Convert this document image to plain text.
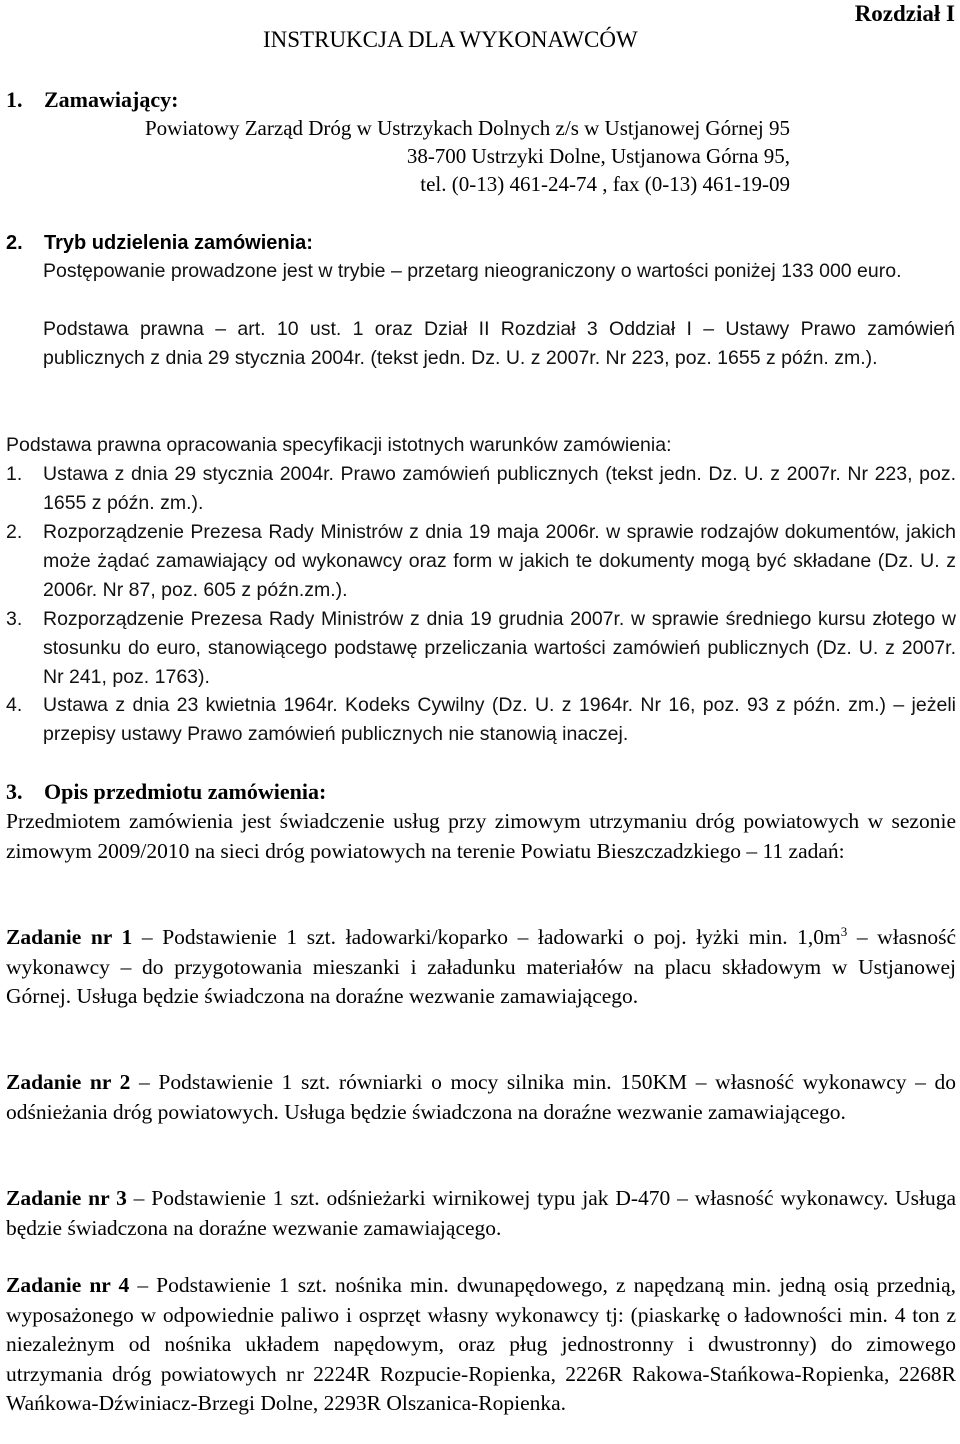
Rozdział I
INSTRUKCJA DLA WYKONAWCÓW
1. Zamawiający:
Powiatowy Zarząd Dróg w Ustrzykach Dolnych z/s w Ustjanowej Górnej 95
38-700 Ustrzyki Dolne, Ustjanowa Górna 95,
tel. (0-13) 461-24-74 , fax (0-13) 461-19-09
2. Tryb udzielenia zamówienia:
Postępowanie prowadzone jest w trybie – przetarg nieograniczony o wartości poniżej 133 000 euro.
Podstawa prawna – art. 10 ust. 1 oraz Dział II Rozdział 3 Oddział I – Ustawy Prawo zamówień publicznych z dnia 29 stycznia 2004r. (tekst jedn. Dz. U. z 2007r. Nr 223, poz. 1655 z późn. zm.).
Podstawa prawna opracowania specyfikacji istotnych warunków zamówienia:
1. Ustawa z dnia 29 stycznia 2004r. Prawo zamówień publicznych (tekst jedn. Dz. U. z 2007r. Nr 223, poz. 1655 z późn. zm.).
2. Rozporządzenie Prezesa Rady Ministrów z dnia 19 maja 2006r. w sprawie rodzajów dokumentów, jakich może żądać zamawiający od wykonawcy oraz form w jakich te dokumenty mogą być składane (Dz. U. z 2006r. Nr 87, poz. 605 z późn.zm.).
3. Rozporządzenie Prezesa Rady Ministrów z dnia 19 grudnia 2007r. w sprawie średniego kursu złotego w stosunku do euro, stanowiącego podstawę przeliczania wartości zamówień publicznych (Dz. U. z 2007r. Nr 241, poz. 1763).
4. Ustawa z dnia 23 kwietnia 1964r. Kodeks Cywilny (Dz. U. z 1964r. Nr 16, poz. 93 z późn. zm.) – jeżeli przepisy ustawy Prawo zamówień publicznych nie stanowią inaczej.
3. Opis przedmiotu zamówienia:
Przedmiotem zamówienia jest świadczenie usług przy zimowym utrzymaniu dróg powiatowych w sezonie zimowym 2009/2010 na sieci dróg powiatowych na terenie Powiatu Bieszczadzkiego – 11 zadań:
Zadanie nr 1 – Podstawienie 1 szt. ładowarki/koparko – ładowarki o poj. łyżki min. $1,0m^3$ – własność wykonawcy – do przygotowania mieszanki i załadunku materiałów na placu składowym w Ustjanowej Górnej. Usługa będzie świadczona na doraźne wezwanie zamawiającego.
Zadanie nr 2 – Podstawienie 1 szt. równiarki o mocy silnika min. 150KM – własność wykonawcy – do odśnieżania dróg powiatowych. Usługa będzie świadczona na doraźne wezwanie zamawiającego.
Zadanie nr 3 – Podstawienie 1 szt. odśnieżarki wirnikowej typu jak D-470 – własność wykonawcy. Usługa będzie świadczona na doraźne wezwanie zamawiającego.
Zadanie nr 4 – Podstawienie 1 szt. nośnika min. dwunapędowego, z napędzaną min. jedną osią przednią, wyposażonego w odpowiednie paliwo i osprzęt własny wykonawcy tj: (piaskarkę o ładowności min. 4 ton z niezależnym od nośnika układem napędowym, oraz pług jednostronny i dwustronny) do zimowego utrzymania dróg powiatowych nr 2224R Rozpucie-Ropienka, 2226R Rakowa-Stańkowa-Ropienka, 2268R Wańkowa-Dźwiniacz-Brzegi Dolne, 2293R Olszanica-Ropienka.
